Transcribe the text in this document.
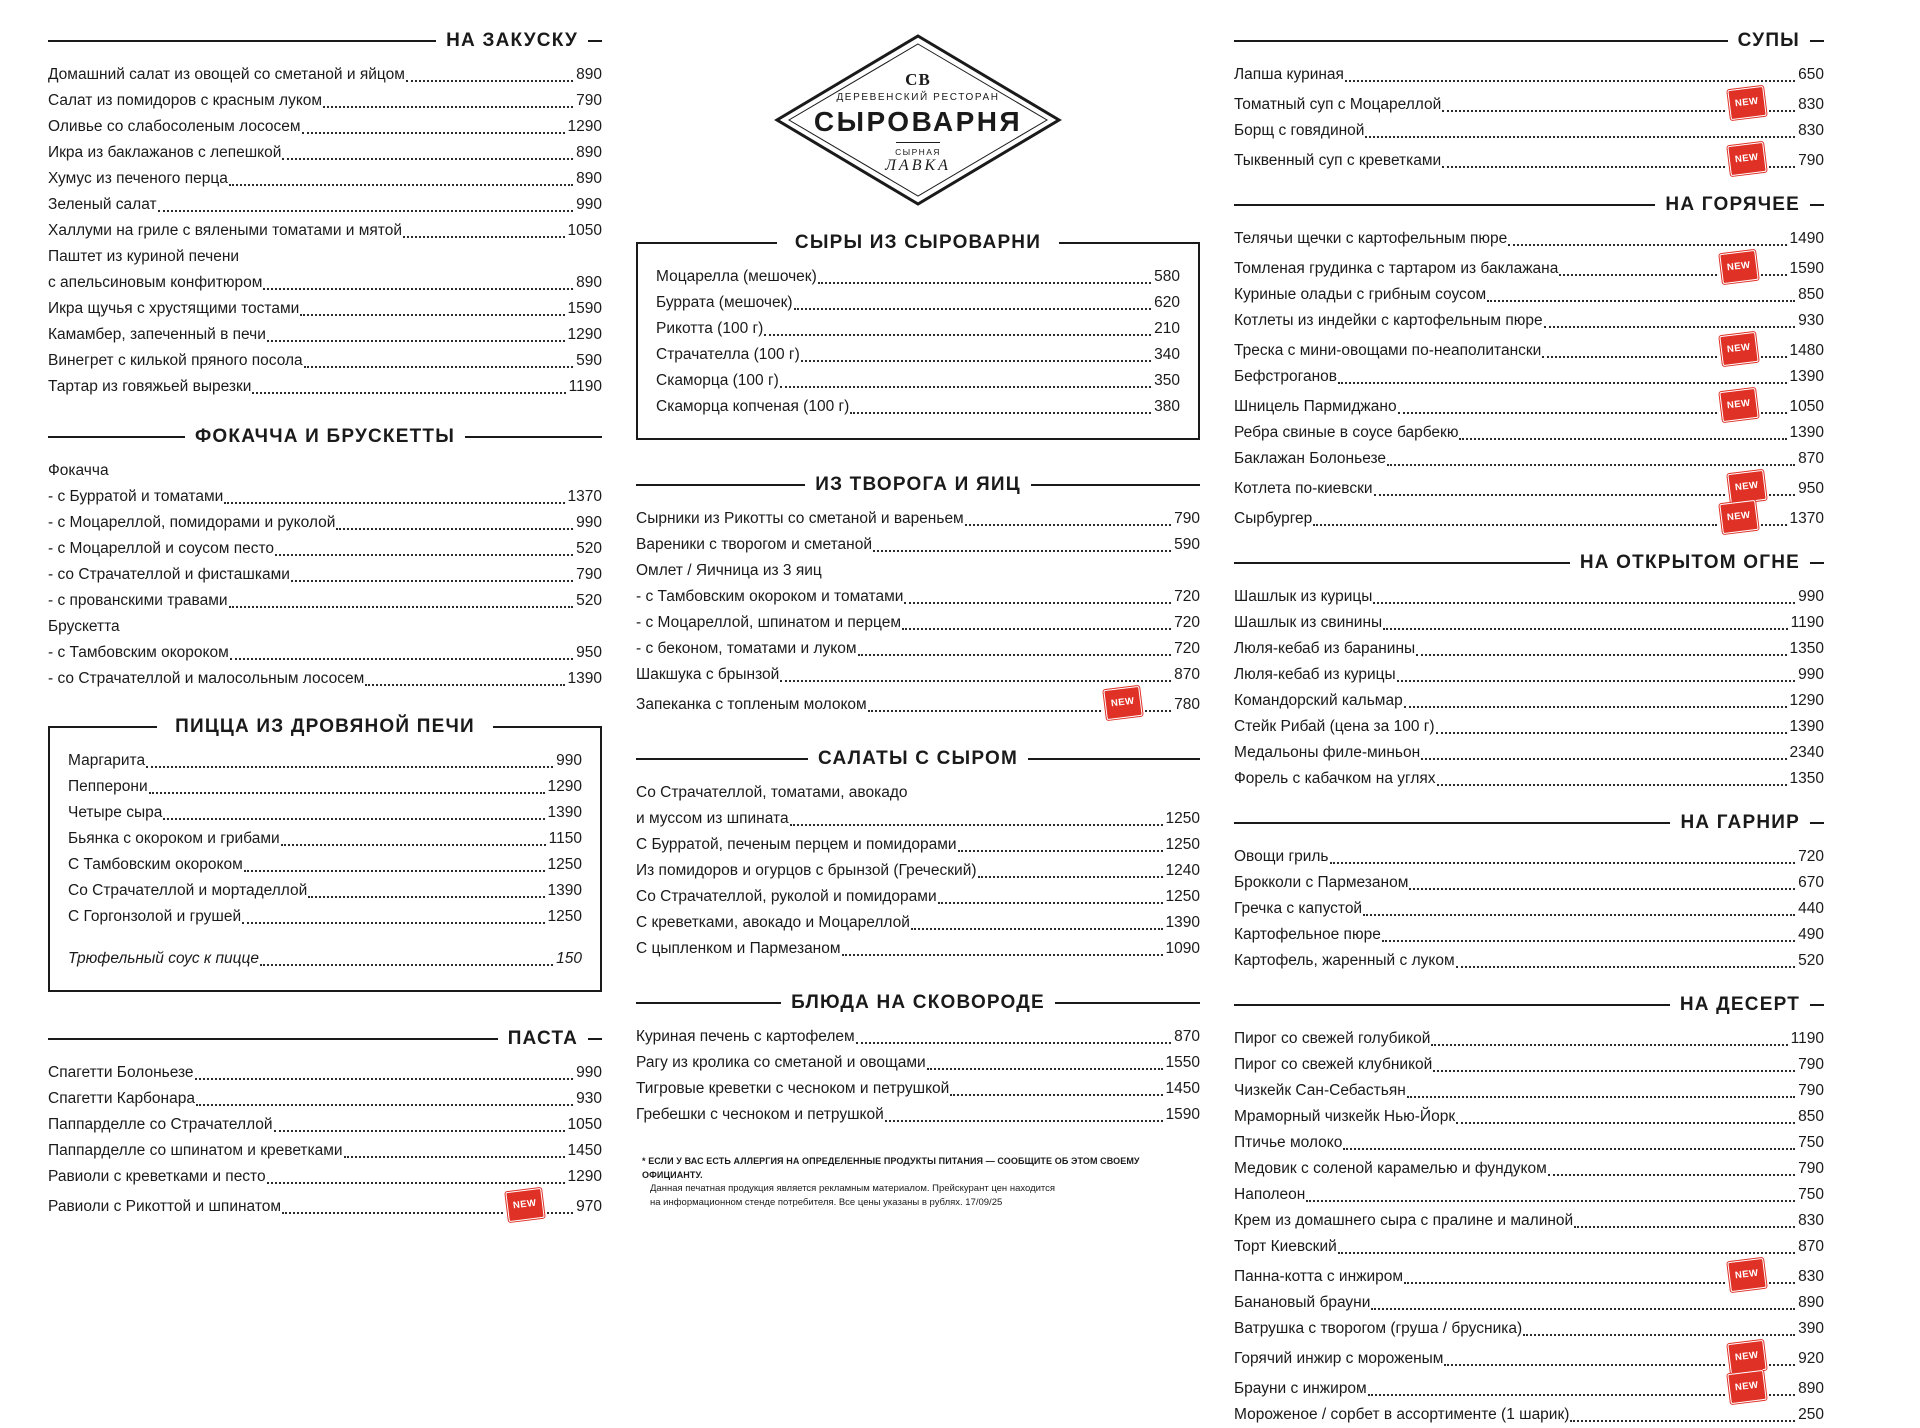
НА ЗАКУСКУ
Домашний салат из овощей со сметаной и яйцом	890
Салат из помидоров с красным луком	790
Оливье со слабосоленым лососем	1290
Икра из баклажанов с лепешкой	890
Хумус из печеного перца	890
Зеленый салат	990
Халлуми на гриле с вялеными томатами и мятой	1050
Паштет из куриной печени
с апельсиновым конфитюром	890
Икра щучья с хрустящими тостами	1590
Камамбер, запеченный в печи	1290
Винегрет с килькой пряного посола	590
Тартар из говяжьей вырезки	1190
ФОКАЧЧА И БРУСКЕТТЫ
Фокачча
- с Бурратой и томатами	1370
- с Моцареллой, помидорами и руколой	990
- с Моцареллой и соусом песто	520
- со Страчателлой и фисташками	790
- с прованскими травами	520
Брускетта
- с Тамбовским окороком	950
- со Страчателлой и малосольным лососем	1390
ПИЦЦА ИЗ ДРОВЯНОЙ ПЕЧИ
Маргарита	990
Пепперони	1290
Четыре сыра	1390
Бьянка с окороком и грибами	1150
С Тамбовским окороком	1250
Со Страчателлой и мортаделлой	1390
С Горгонзолой и грушей	1250
Трюфельный соус к пицце	150
ПАСТА
Спагетти Болоньезе	990
Спагетти Карбонара	930
Паппарделле со Страчателлой	1050
Паппарделле со шпинатом и креветками	1450
Равиоли с креветками и песто	1290
Равиоли с Рикоттой и шпинатом	NEW	970
СВ
ДЕРЕВЕНСКИЙ РЕСТОРАН
СЫРОВАРНЯ
СЫРНАЯ
ЛАВКА
СЫРЫ ИЗ СЫРОВАРНИ
Моцарелла (мешочек)	580
Буррата (мешочек)	620
Рикотта (100 г)	210
Страчателла (100 г)	340
Скаморца (100 г)	350
Скаморца копченая (100 г)	380
ИЗ ТВОРОГА И ЯИЦ
Сырники из Рикотты со сметаной и вареньем	790
Вареники с творогом и сметаной	590
Омлет / Яичница из 3 яиц
- с Тамбовским окороком и томатами	720
- с Моцареллой, шпинатом и перцем	720
- с беконом, томатами и луком	720
Шакшука с брынзой	870
Запеканка с топленым молоком	NEW	780
САЛАТЫ С СЫРОМ
Со Страчателлой, томатами, авокадо
и муссом из шпината	1250
С Бурратой, печеным перцем и помидорами	1250
Из помидоров и огурцов с брынзой (Греческий)	1240
Со Страчателлой, руколой и помидорами	1250
С креветками, авокадо и Моцареллой	1390
С цыпленком и Пармезаном	1090
БЛЮДА НА СКОВОРОДЕ
Куриная печень с картофелем	870
Рагу из кролика со сметаной и овощами	1550
Тигровые креветки с чесноком и петрушкой	1450
Гребешки с чесноком и петрушкой	1590
* ЕСЛИ У ВАС ЕСТЬ АЛЛЕРГИЯ НА ОПРЕДЕЛЕННЫЕ ПРОДУКТЫ ПИТАНИЯ — СООБЩИТЕ ОБ ЭТОМ СВОЕМУ ОФИЦИАНТУ.
Данная печатная продукция является рекламным материалом. Прейскурант цен находится
на информационном стенде потребителя. Все цены указаны в рублях. 17/09/25
СУПЫ
Лапша куриная	650
Томатный суп с Моцареллой	NEW	830
Борщ с говядиной	830
Тыквенный суп с креветками	NEW	790
НА ГОРЯЧЕЕ
Телячьи щечки с картофельным пюре	1490
Томленая грудинка с тартаром из баклажана	NEW	1590
Куриные оладьи с грибным соусом	850
Котлеты из индейки с картофельным пюре	930
Треска с мини-овощами по-неаполитански	NEW	1480
Бефстроганов	1390
Шницель Пармиджано	NEW	1050
Ребра свиные в соусе барбекю	1390
Баклажан Болоньезе	870
Котлета по-киевски	NEW	950
Сырбургер	NEW	1370
НА ОТКРЫТОМ ОГНЕ
Шашлык из курицы	990
Шашлык из свинины	1190
Люля-кебаб из баранины	1350
Люля-кебаб из курицы	990
Командорский кальмар	1290
Стейк Рибай (цена за 100 г)	1390
Медальоны филе-миньон	2340
Форель с кабачком на углях	1350
НА ГАРНИР
Овощи гриль	720
Брокколи с Пармезаном	670
Гречка с капустой	440
Картофельное пюре	490
Картофель, жаренный с луком	520
НА ДЕСЕРТ
Пирог со свежей голубикой	1190
Пирог со свежей клубникой	790
Чизкейк Сан-Себастьян	790
Мраморный чизкейк Нью-Йорк	850
Птичье молоко	750
Медовик с соленой карамелью и фундуком	790
Наполеон	750
Крем из домашнего сыра с пралине и малиной	830
Торт Киевский	870
Панна-котта с инжиром	NEW	830
Банановый брауни	890
Ватрушка с творогом (груша / брусника)	390
Горячий инжир с мороженым	NEW	920
Брауни с инжиром	NEW	890
Мороженое / сорбет в ассортименте (1 шарик)	250
